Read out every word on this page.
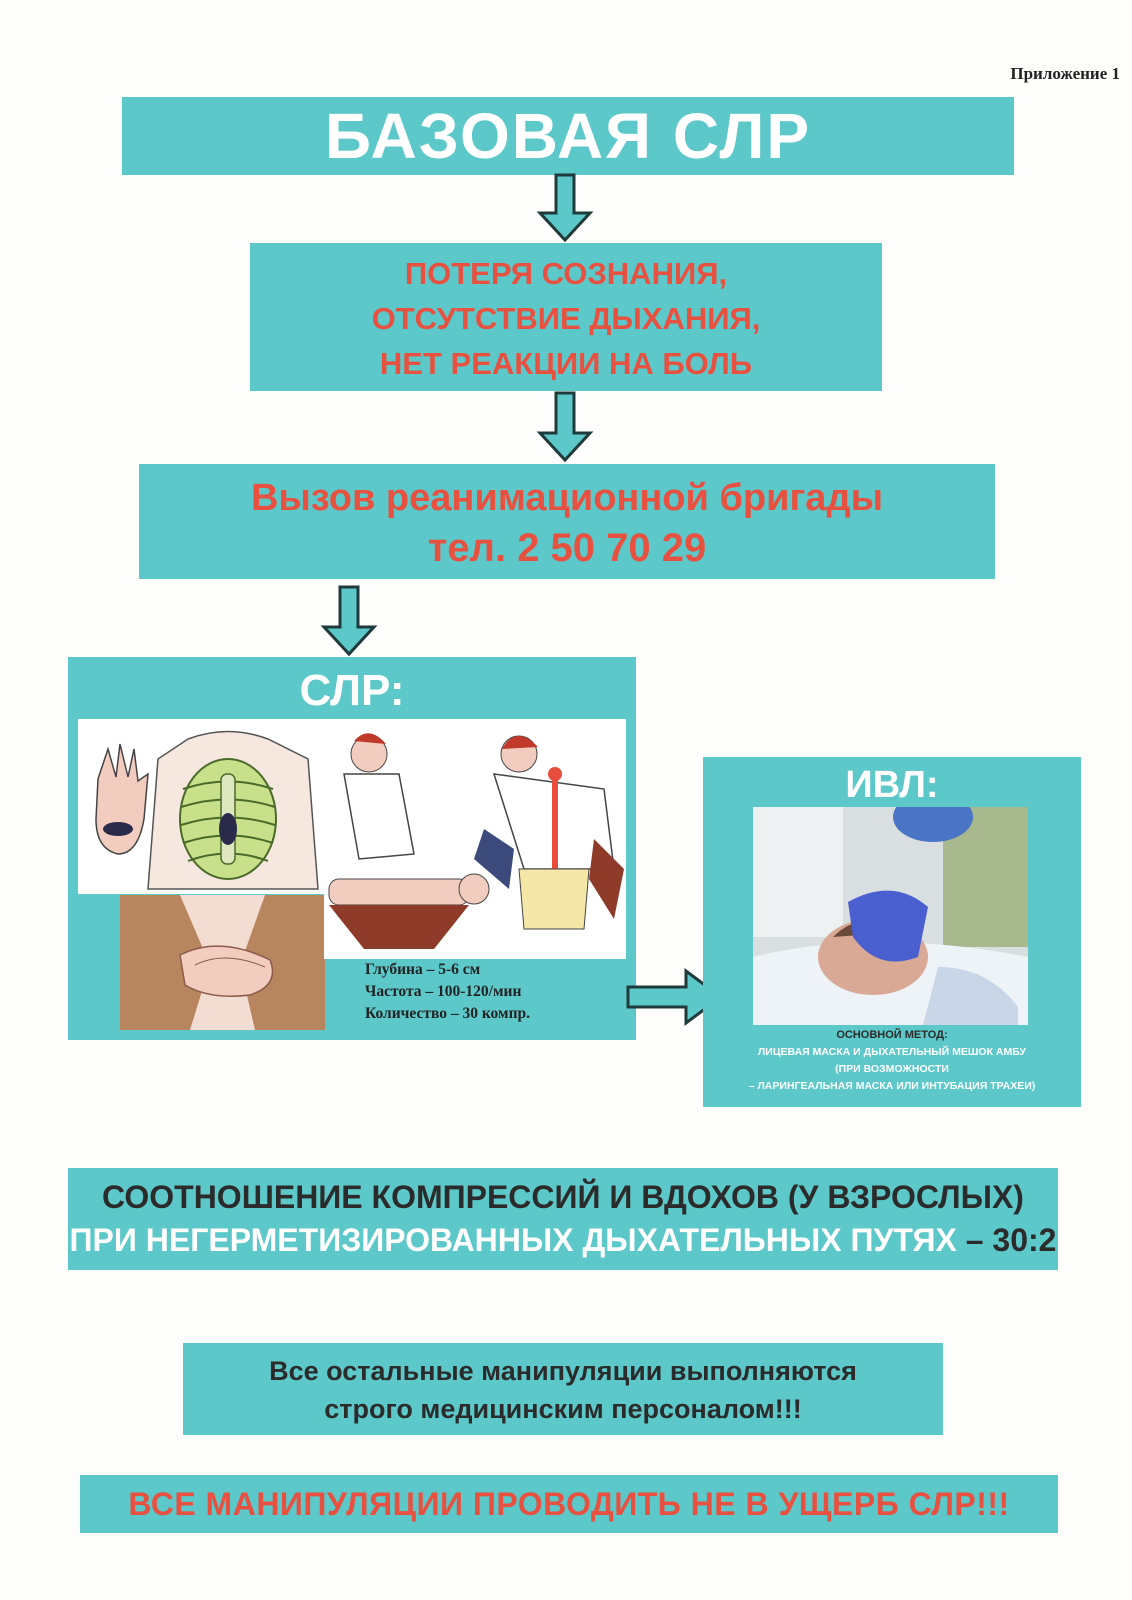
Приложение 1
БАЗОВАЯ СЛР
ПОТЕРЯ СОЗНАНИЯ,
ОТСУТСТВИЕ ДЫХАНИЯ,
НЕТ РЕАКЦИИ НА БОЛЬ
Вызов реанимационной бригады
тел. 2 50 70 29
СЛР:
Глубина – 5-6 см
Частота – 100-120/мин
Количество – 30 компр.
ИВЛ:
ОСНОВНОЙ МЕТОД:
ЛИЦЕВАЯ МАСКА И ДЫХАТЕЛЬНЫЙ МЕШОК АМБУ
(ПРИ ВОЗМОЖНОСТИ
– ЛАРИНГЕАЛЬНАЯ МАСКА ИЛИ ИНТУБАЦИЯ ТРАХЕИ)
СООТНОШЕНИЕ КОМПРЕССИЙ И ВДОХОВ (У ВЗРОСЛЫХ)
ПРИ НЕГЕРМЕТИЗИРОВАННЫХ ДЫХАТЕЛЬНЫХ ПУТЯХ – 30:2
Все остальные манипуляции выполняются
строго медицинским персоналом!!!
ВСЕ МАНИПУЛЯЦИИ ПРОВОДИТЬ НЕ В УЩЕРБ СЛР!!!
